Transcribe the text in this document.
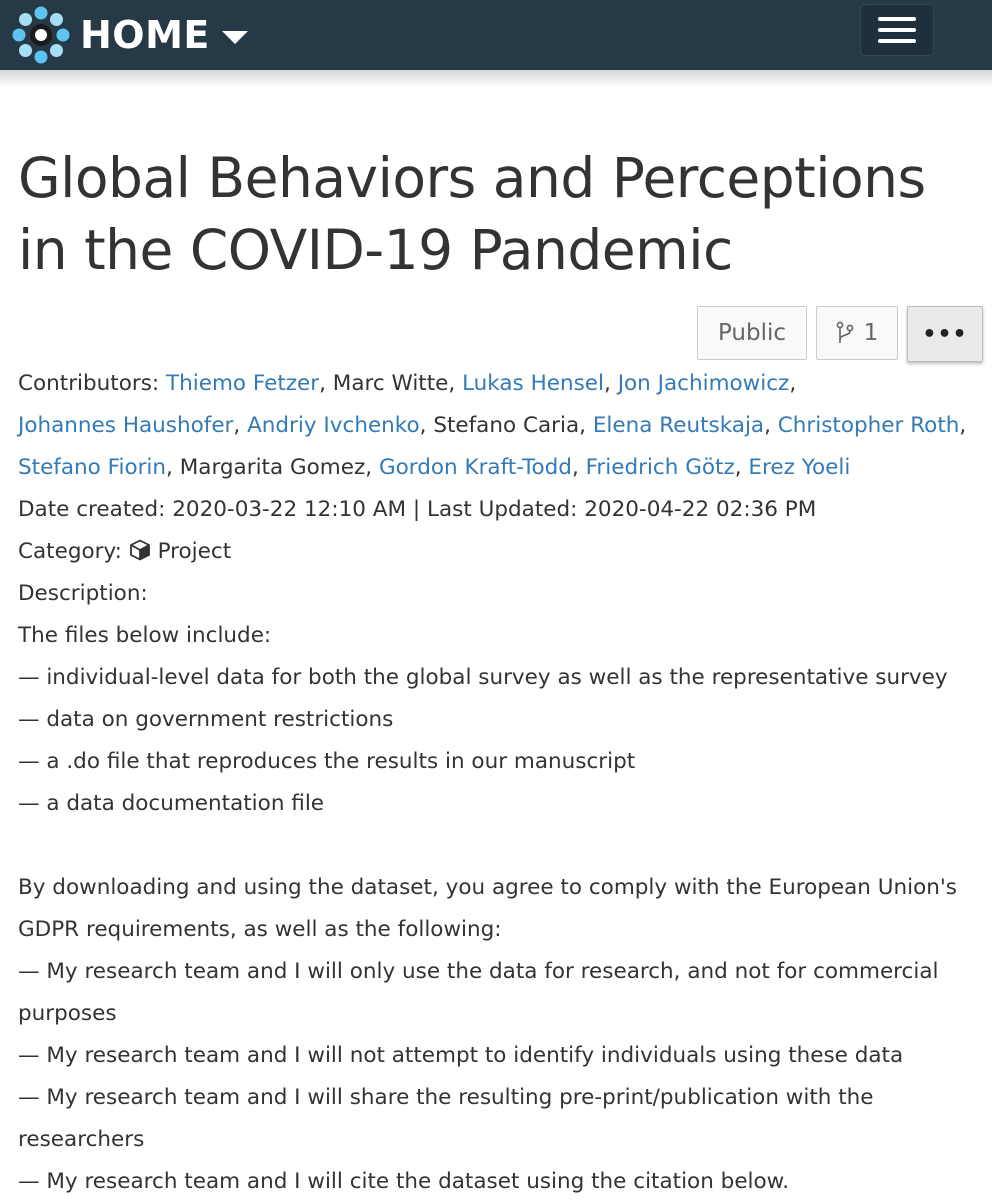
HOME
Global Behaviors and Perceptions in the COVID-19 Pandemic
Public	1	•••
Contributors: Thiemo Fetzer, Marc Witte, Lukas Hensel, Jon Jachimowicz,
Johannes Haushofer, Andriy Ivchenko, Stefano Caria, Elena Reutskaja, Christopher Roth,
Stefano Fiorin, Margarita Gomez, Gordon Kraft-Todd, Friedrich Götz, Erez Yoeli
Date created: 2020-03-22 12:10 AM | Last Updated: 2020-04-22 02:36 PM
Category: Project
Description:
The files below include:
— individual-level data for both the global survey as well as the representative survey
— data on government restrictions
— a .do file that reproduces the results in our manuscript
— a data documentation file
By downloading and using the dataset, you agree to comply with the European Union's GDPR requirements, as well as the following:
— My research team and I will only use the data for research, and not for commercial purposes
— My research team and I will not attempt to identify individuals using these data
— My research team and I will share the resulting pre-print/publication with the researchers
— My research team and I will cite the dataset using the citation below.
